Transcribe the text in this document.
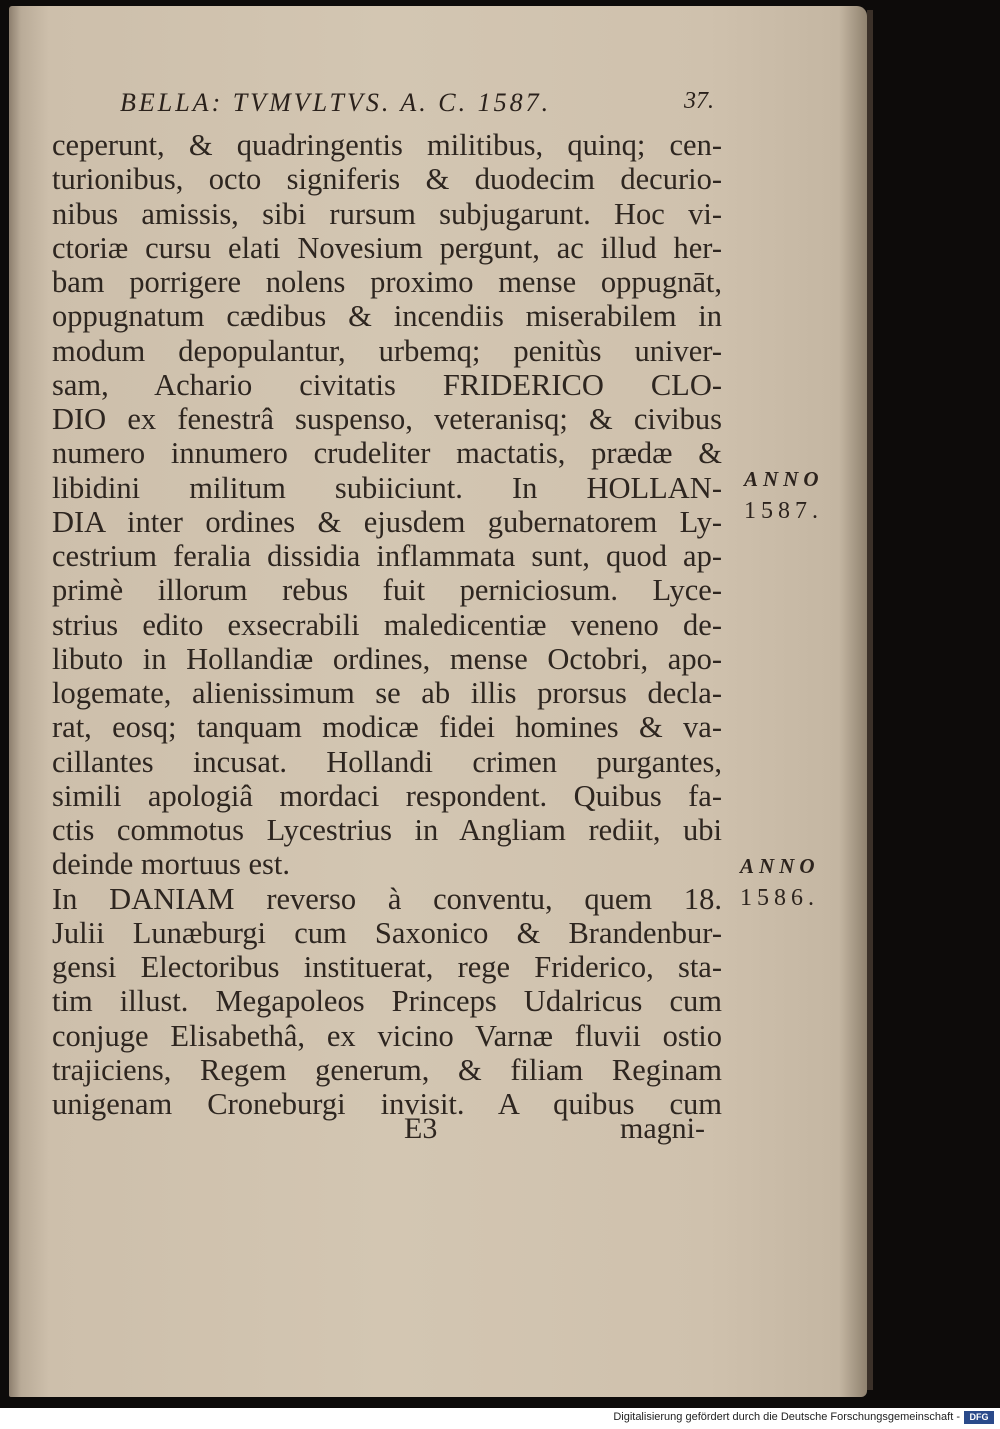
BELLA: TVMVLTVS. A. C. 1587.	37.
ceperunt, & quadringentis militibus, quinq; cen-
turionibus, octo signiferis & duodecim decurio-
nibus amissis, sibi rursum subjugarunt. Hoc vi-
ctoriæ cursu elati Novesium pergunt, ac illud her-
bam porrigere nolens proximo mense oppugnāt,
oppugnatum cædibus & incendiis miserabilem in
modum depopulantur, urbemq; penitùs univer-
sam, Achario civitatis FRIDERICO CLO-
DIO ex fenestrâ suspenso, veteranisq; & civibus
numero innumero crudeliter mactatis, prædæ &
libidini militum subiiciunt. In HOLLAN-
DIA inter ordines & ejusdem gubernatorem Ly-
cestrium feralia dissidia inflammata sunt, quod ap-
primè illorum rebus fuit perniciosum. Lyce-
strius edito exsecrabili maledicentiæ veneno de-
libuto in Hollandiæ ordines, mense Octobri, apo-
logemate, alienissimum se ab illis prorsus decla-
rat, eosq; tanquam modicæ fidei homines & va-
cillantes incusat. Hollandi crimen purgantes,
simili apologiâ mordaci respondent. Quibus fa-
ctis commotus Lycestrius in Angliam rediit, ubi
deinde mortuus est.
In DANIAM reverso à conventu, quem 18.
Julii Lunæburgi cum Saxonico & Brandenbur-
gensi Electoribus instituerat, rege Friderico, sta-
tim illust. Megapoleos Princeps Udalricus cum
conjuge Elisabethâ, ex vicino Varnæ fluvii ostio
trajiciens, Regem generum, & filiam Reginam
unigenam Croneburgi invisit. A quibus cum
ANNO
1587.
ANNO
1586.
E3	magni-
Digitalisierung gefördert durch die Deutsche Forschungsgemeinschaft -	DFG
